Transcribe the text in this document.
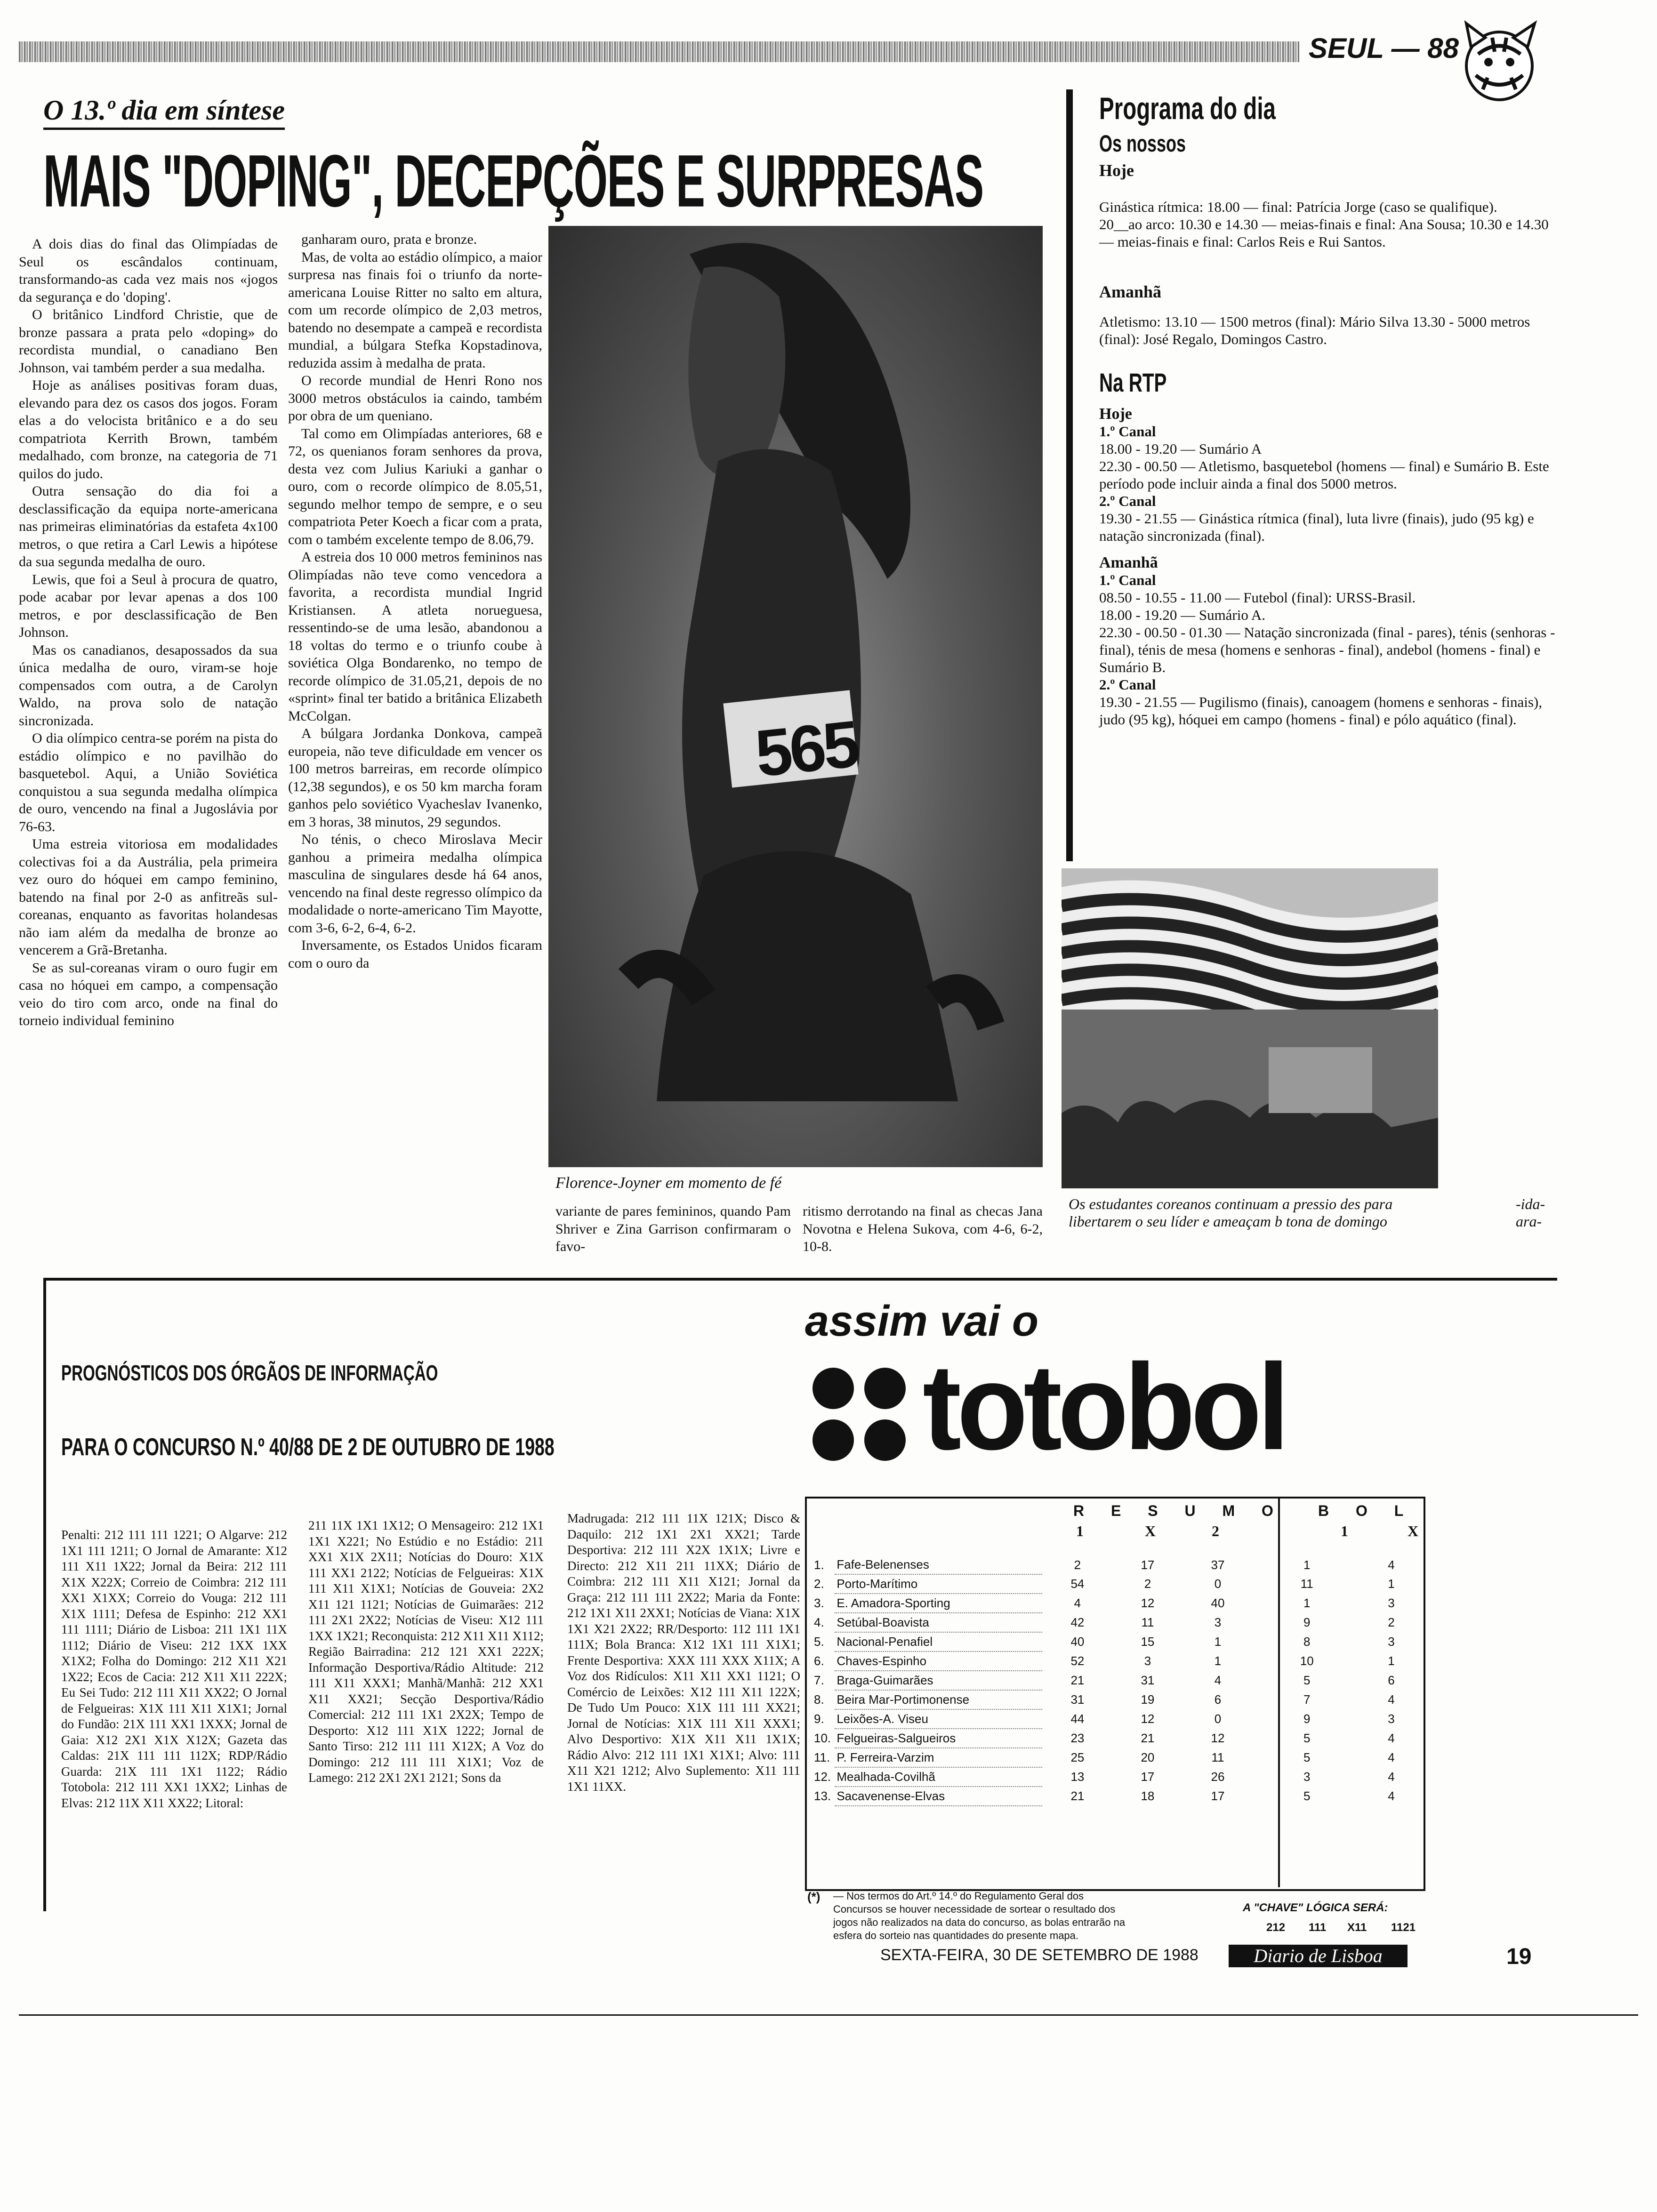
SEUL — 88
O 13.º dia em síntese
MAIS "DOPING", DECEPÇÕES E SURPRESAS

A dois dias do final das Olimpíadas de Seul os escândalos continuam, transformando-as cada vez mais nos «jogos da segurança e do 'doping'.

O britânico Lindford Christie, que de bronze passara a prata pelo «doping» do recordista mundial, o canadiano Ben Johnson, vai também perder a sua medalha.

Hoje as análises positivas foram duas, elevando para dez os casos dos jogos. Foram elas a do velocista britânico e a do seu compatriota Kerrith Brown, também medalhado, com bronze, na categoria de 71 quilos do judo.

Outra sensação do dia foi a desclassificação da equipa norte-americana nas primeiras eliminatórias da estafeta 4x100 metros, o que retira a Carl Lewis a hipótese da sua segunda medalha de ouro.

Lewis, que foi a Seul à procura de quatro, pode acabar por levar apenas a dos 100 metros, e por desclassificação de Ben Johnson.

Mas os canadianos, desapossados da sua única medalha de ouro, viram-se hoje compensados com outra, a de Carolyn Waldo, na prova solo de natação sincronizada.

O dia olímpico centra-se porém na pista do estádio olímpico e no pavilhão do basquetebol. Aqui, a União Soviética conquistou a sua segunda medalha olímpica de ouro, vencendo na final a Jugoslávia por 76-63.

Uma estreia vitoriosa em modalidades colectivas foi a da Austrália, pela primeira vez ouro do hóquei em campo feminino, batendo na final por 2-0 as anfitreãs sul-coreanas, enquanto as favoritas holandesas não iam além da medalha de bronze ao vencerem a Grã-Bretanha.

Se as sul-coreanas viram o ouro fugir em casa no hóquei em campo, a compensação veio do tiro com arco, onde na final do torneio individual feminino

ganharam ouro, prata e bronze.

Mas, de volta ao estádio olímpico, a maior surpresa nas finais foi o triunfo da norte-americana Louise Ritter no salto em altura, com um recorde olímpico de 2,03 metros, batendo no desempate a campeã e recordista mundial, a búlgara Stefka Kopstadinova, reduzida assim à medalha de prata.

O recorde mundial de Henri Rono nos 3000 metros obstáculos ia caindo, também por obra de um queniano.

Tal como em Olimpíadas anteriores, 68 e 72, os quenianos foram senhores da prova, desta vez com Julius Kariuki a ganhar o ouro, com o recorde olímpico de 8.05,51, segundo melhor tempo de sempre, e o seu compatriota Peter Koech a ficar com a prata, com o também excelente tempo de 8.06,79.

A estreia dos 10 000 metros femininos nas Olimpíadas não teve como vencedora a favorita, a recordista mundial Ingrid Kristiansen. A atleta norueguesa, ressentindo-se de uma lesão, abandonou a 18 voltas do termo e o triunfo coube à soviética Olga Bondarenko, no tempo de recorde olímpico de 31.05,21, depois de no «sprint» final ter batido a britânica Elizabeth McColgan.

A búlgara Jordanka Donkova, campeã europeia, não teve dificuldade em vencer os 100 metros barreiras, em recorde olímpico (12,38 segundos), e os 50 km marcha foram ganhos pelo soviético Vyacheslav Ivanenko, em 3 horas, 38 minutos, 29 segundos.

No ténis, o checo Miroslava Mecir ganhou a primeira medalha olímpica masculina de singulares desde há 64 anos, vencendo na final deste regresso olímpico da modalidade o norte-americano Tim Mayotte, com 3-6, 6-2, 6-4, 6-2.

Inversamente, os Estados Unidos ficaram com o ouro da

565
Florence-Joyner em momento de fé
variante de pares femininos, quando Pam Shriver e Zina Garrison confirmaram o favo-
ritismo derrotando na final as checas Jana Novotna e Helena Sukova, com 4-6, 6-2, 10-8.
Programa do dia
Os nossos
Hoje

Ginástica rítmica: 18.00 — final: Patrícia Jorge (caso se qualifique).

20__ao arco: 10.30 e 14.30 — meias-finais e final: Ana Sousa; 10.30 e 14.30 — meias-finais e final: Carlos Reis e Rui Santos.

Amanhã

Atletismo: 13.10 — 1500 metros (final): Mário Silva 13.30 - 5000 metros (final): José Regalo, Domingos Castro.

Na RTP
Hoje
1.º Canal

18.00 - 19.20 — Sumário A

22.30 - 00.50 — Atletismo, basquetebol (homens — final) e Sumário B. Este período pode incluir ainda a final dos 5000 metros.

2.º Canal

19.30 - 21.55 — Ginástica rítmica (final), luta livre (finais), judo (95 kg) e natação sincronizada (final).

Amanhã
1.º Canal

08.50 - 10.55 - 11.00 — Futebol (final): URSS-Brasil.

18.00 - 19.20 — Sumário A.

22.30 - 00.50 - 01.30 — Natação sincronizada (final - pares), ténis (senhoras - final), ténis de mesa (homens e senhoras - final), andebol (homens - final) e Sumário B.

2.º Canal

19.30 - 21.55 — Pugilismo (finais), canoagem (homens e senhoras - finais), judo (95 kg), hóquei em campo (homens - final) e pólo aquático (final).

Os estudantes coreanos continuam a pressio des para libertarem o seu líder e ameaçam b tona de domingo
-ida- ara-
assim vai o
totobol
PROGNÓSTICOS DOS ÓRGÃOS DE INFORMAÇÃO
PARA O CONCURSO N.º 40/88 DE 2 DE OUTUBRO DE 1988
Penalti: 212 111 111 1221; O Algarve: 212 1X1 111 1211; O Jornal de Amarante: X12 111 X11 1X22; Jornal da Beira: 212 111 X1X X22X; Correio de Coimbra: 212 111 XX1 X1XX; Correio do Vouga: 212 111 X1X 1111; Defesa de Espinho: 212 XX1 111 1111; Diário de Lisboa: 211 1X1 11X 1112; Diário de Viseu: 212 1XX 1XX X1X2; Folha do Domingo: 212 X11 X21 1X22; Ecos de Cacia: 212 X11 X11 222X; Eu Sei Tudo: 212 111 X11 XX22; O Jornal de Felgueiras: X1X 111 X11 X1X1; Jornal do Fundão: 21X 111 XX1 1XXX; Jornal de Gaia: X12 2X1 X1X X12X; Gazeta das Caldas: 21X 111 111 112X; RDP/Rádio Guarda: 21X 111 1X1 1122; Rádio Totobola: 212 111 XX1 1XX2; Linhas de Elvas: 212 11X X11 XX22; Litoral:
211 11X 1X1 1X12; O Mensageiro: 212 1X1 1X1 X221; No Estúdio e no Estádio: 211 XX1 X1X 2X11; Notícias do Douro: X1X 111 XX1 2122; Notícias de Felgueiras: X1X 111 X11 X1X1; Notícias de Gouveia: 2X2 X11 121 1121; Notícias de Guimarães: 212 111 2X1 2X22; Notícias de Viseu: X12 111 1XX 1X21; Reconquista: 212 X11 X11 X112; Região Bairradina: 212 121 XX1 222X; Informação Desportiva/Rádio Altitude: 212 111 X11 XXX1; Manhã/Manhã: 212 XX1 X11 XX21; Secção Desportiva/Rádio Comercial: 212 111 1X1 2X2X; Tempo de Desporto: X12 111 X1X 1222; Jornal de Santo Tirso: 212 111 111 X12X; A Voz do Domingo: 212 111 111 X1X1; Voz de Lamego: 212 2X1 2X1 2121; Sons da
Madrugada: 212 111 11X 121X; Disco & Daquilo: 212 1X1 2X1 XX21; Tarde Desportiva: 212 111 X2X 1X1X; Livre e Directo: 212 X11 211 11XX; Diário de Coimbra: 212 111 X11 X121; Jornal da Graça: 212 111 111 2X22; Maria da Fonte: 212 1X1 X11 2XX1; Notícias de Viana: X1X 1X1 X21 2X22; RR/Desporto: 112 111 1X1 111X; Bola Branca: X12 1X1 111 X1X1; Frente Desportiva: XXX 111 XXX X11X; A Voz dos Ridículos: X11 X11 XX1 1121; O Comércio de Leixões: X12 111 X11 122X; De Tudo Um Pouco: X1X 111 111 XX21; Jornal de Notícias: X1X 111 X11 XXX1; Alvo Desportivo: X1X X11 X11 1X1X; Rádio Alvo: 212 111 1X1 X1X1; Alvo: 111 X11 X21 1212; Alvo Suplemento: X11 111 1X1 11XX.
R E S U M O B O L
1	X	2	1	X
1.	Fafe-Belenenses	2	17	37	1	4
2.	Porto-Marítimo	54	2	0	11	1
3.	E. Amadora-Sporting	4	12	40	1	3
4.	Setúbal-Boavista	42	11	3	9	2
5.	Nacional-Penafiel	40	15	1	8	3
6.	Chaves-Espinho	52	3	1	10	1
7.	Braga-Guimarães	21	31	4	5	6
8.	Beira Mar-Portimonense	31	19	6	7	4
9.	Leixões-A. Viseu	44	12	0	9	3
10.	Felgueiras-Salgueiros	23	21	12	5	4
11.	P. Ferreira-Varzim	25	20	11	5	4
12.	Mealhada-Covilhã	13	17	26	3	4
13.	Sacavenense-Elvas	21	18	17	5	4
(*) — Nos termos do Art.º 14.º do Regulamento Geral dos Concursos se houver necessidade de sortear o resultado dos jogos não realizados na data do concurso, as bolas entrarão na esfera do sorteio nas quantidades do presente mapa.
A "CHAVE" LÓGICA SERÁ:
212 111 X11 1121
SEXTA-FEIRA, 30 DE SETEMBRO DE 1988	Diario de Lisboa	19
